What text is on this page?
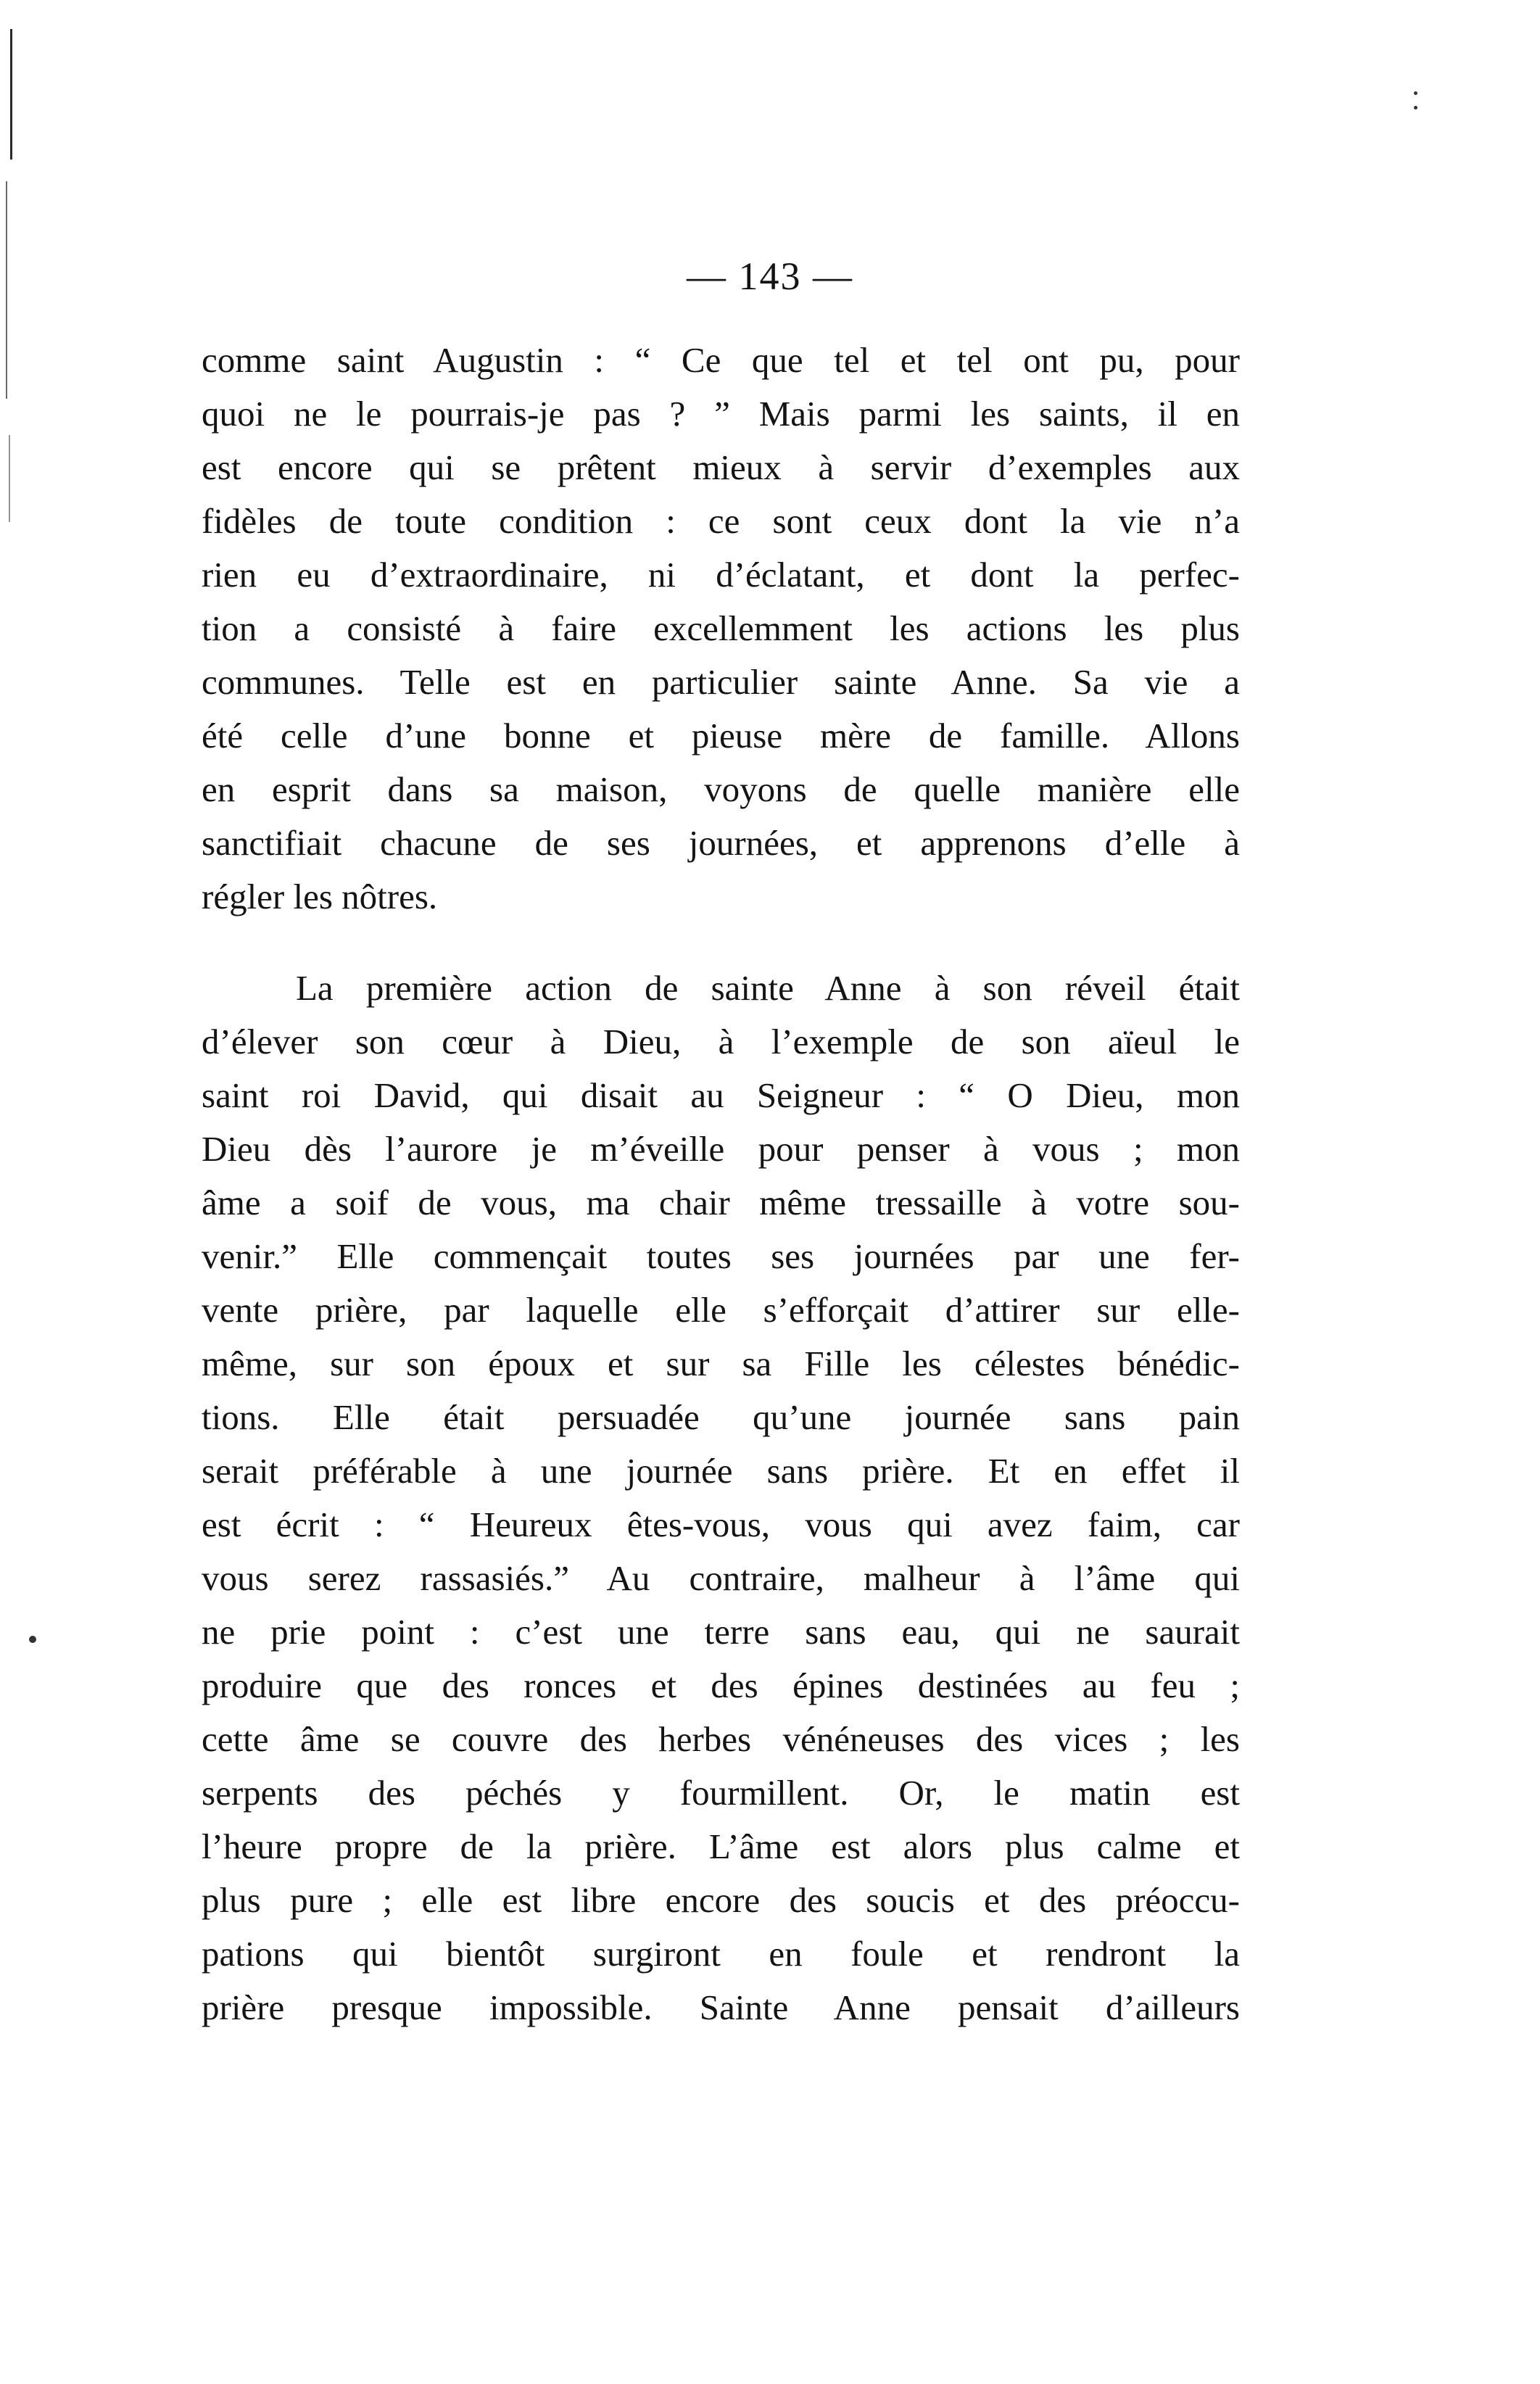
— 143 —
comme saint Augustin : “ Ce que tel et tel ont pu, pour
quoi ne le pourrais-je pas ? ” Mais parmi les saints, il en
est encore qui se prêtent mieux à servir d’exemples aux
fidèles de toute condition : ce sont ceux dont la vie n’a
rien eu d’extraordinaire, ni d’éclatant, et dont la perfec-
tion a consisté à faire excellemment les actions les plus
communes. Telle est en particulier sainte Anne. Sa vie a
été celle d’une bonne et pieuse mère de famille. Allons
en esprit dans sa maison, voyons de quelle manière elle
sanctifiait chacune de ses journées, et apprenons d’elle à
régler les nôtres.
La première action de sainte Anne à son réveil était
d’élever son cœur à Dieu, à l’exemple de son aïeul le
saint roi David, qui disait au Seigneur : “ O Dieu, mon
Dieu dès l’aurore je m’éveille pour penser à vous ; mon
âme a soif de vous, ma chair même tressaille à votre sou-
venir.” Elle commençait toutes ses journées par une fer-
vente prière, par laquelle elle s’efforçait d’attirer sur elle-
même, sur son époux et sur sa Fille les célestes bénédic-
tions. Elle était persuadée qu’une journée sans pain
serait préférable à une journée sans prière. Et en effet il
est écrit : “ Heureux êtes-vous, vous qui avez faim, car
vous serez rassasiés.” Au contraire, malheur à l’âme qui
ne prie point : c’est une terre sans eau, qui ne saurait
produire que des ronces et des épines destinées au feu ;
cette âme se couvre des herbes vénéneuses des vices ; les
serpents des péchés y fourmillent. Or, le matin est
l’heure propre de la prière. L’âme est alors plus calme et
plus pure ; elle est libre encore des soucis et des préoccu-
pations qui bientôt surgiront en foule et rendront la
prière presque impossible. Sainte Anne pensait d’ailleurs
